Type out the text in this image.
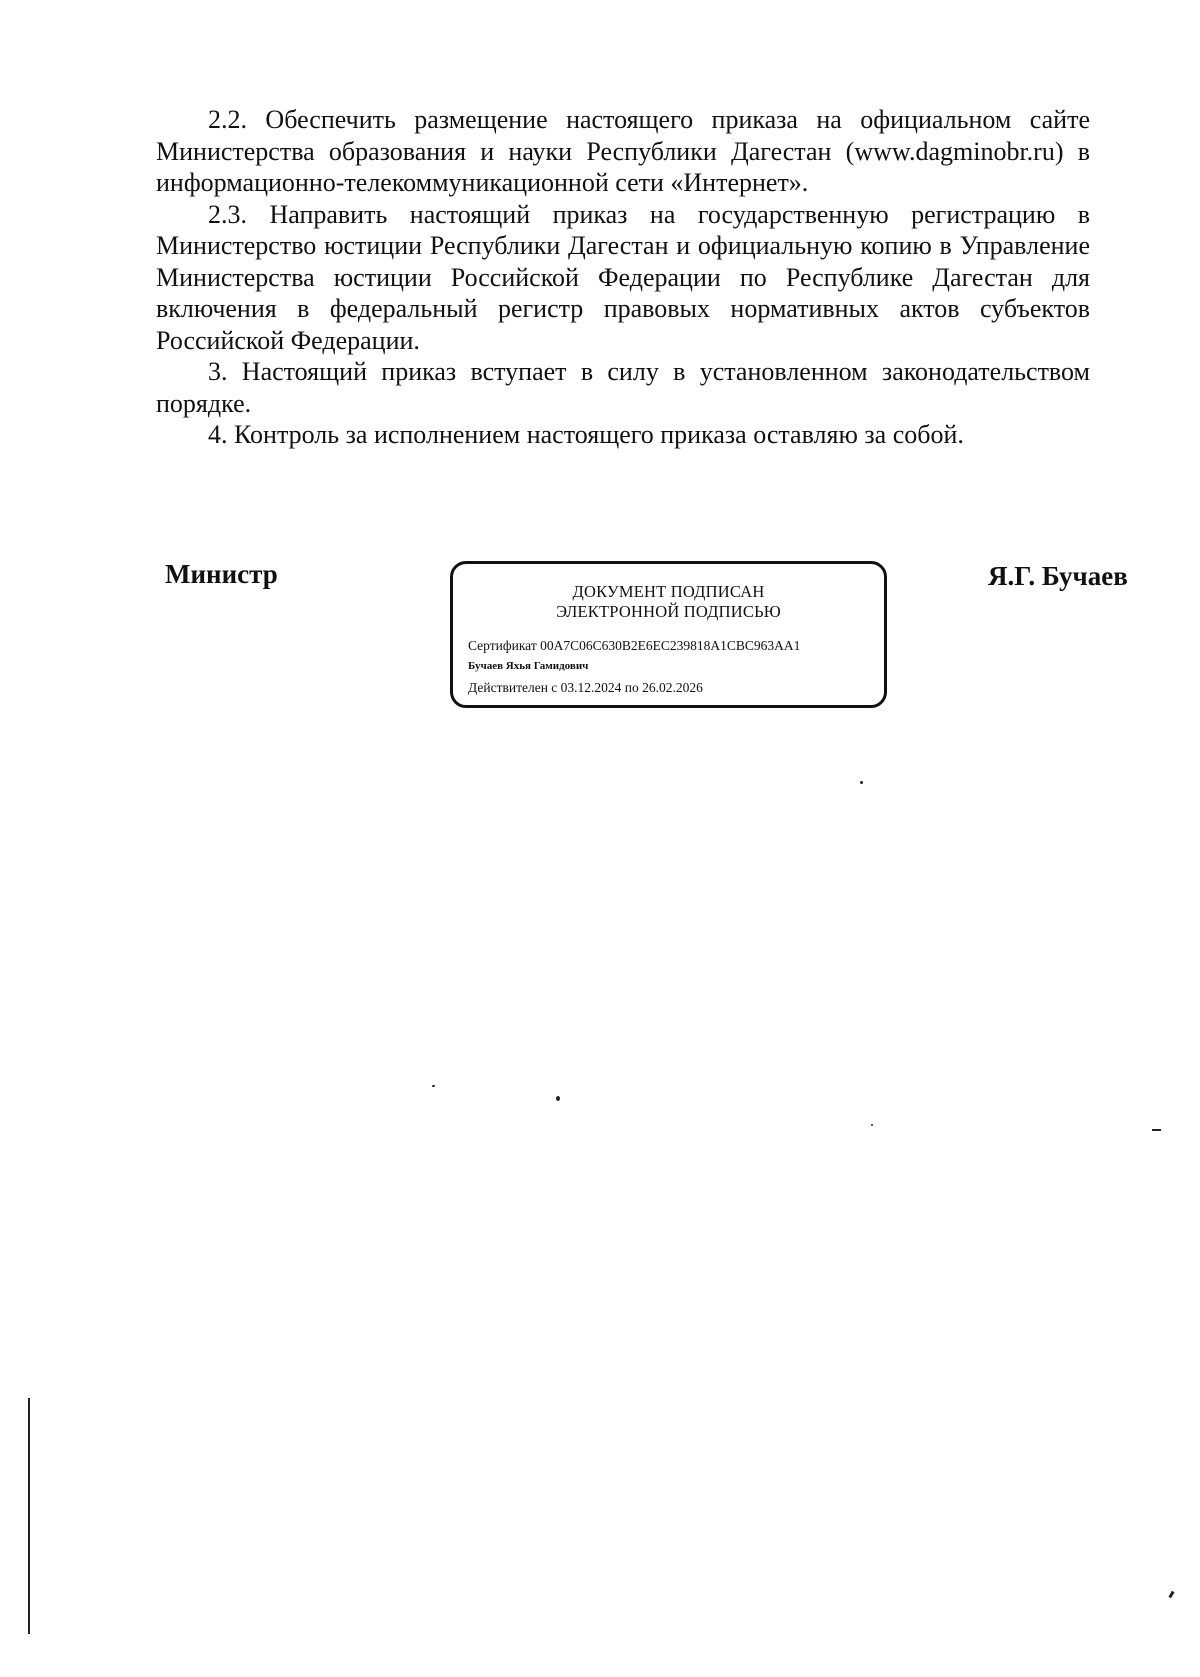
2.2. Обеспечить размещение настоящего приказа на официальном сайте Министерства образования и науки Республики Дагестан (www.dagminobr.ru) в информационно-телекоммуникационной сети «Интернет».

2.3. Направить настоящий приказ на государственную регистрацию в Министерство юстиции Республики Дагестан и официальную копию в Управление Министерства юстиции Российской Федерации по Республике Дагестан для включения в федеральный регистр правовых нормативных актов субъектов Российской Федерации.

3. Настоящий приказ вступает в силу в установленном законодательством порядке.

4. Контроль за исполнением настоящего приказа оставляю за собой.

Министр

ДОКУМЕНТ ПОДПИСАН
ЭЛЕКТРОННОЙ ПОДПИСЬЮ
Сертификат 00A7C06C630B2E6EC239818A1CBC963AA1
Бучаев Яхья Гамидович
Действителен с 03.12.2024 по 26.02.2026

Я.Г. Бучаев
